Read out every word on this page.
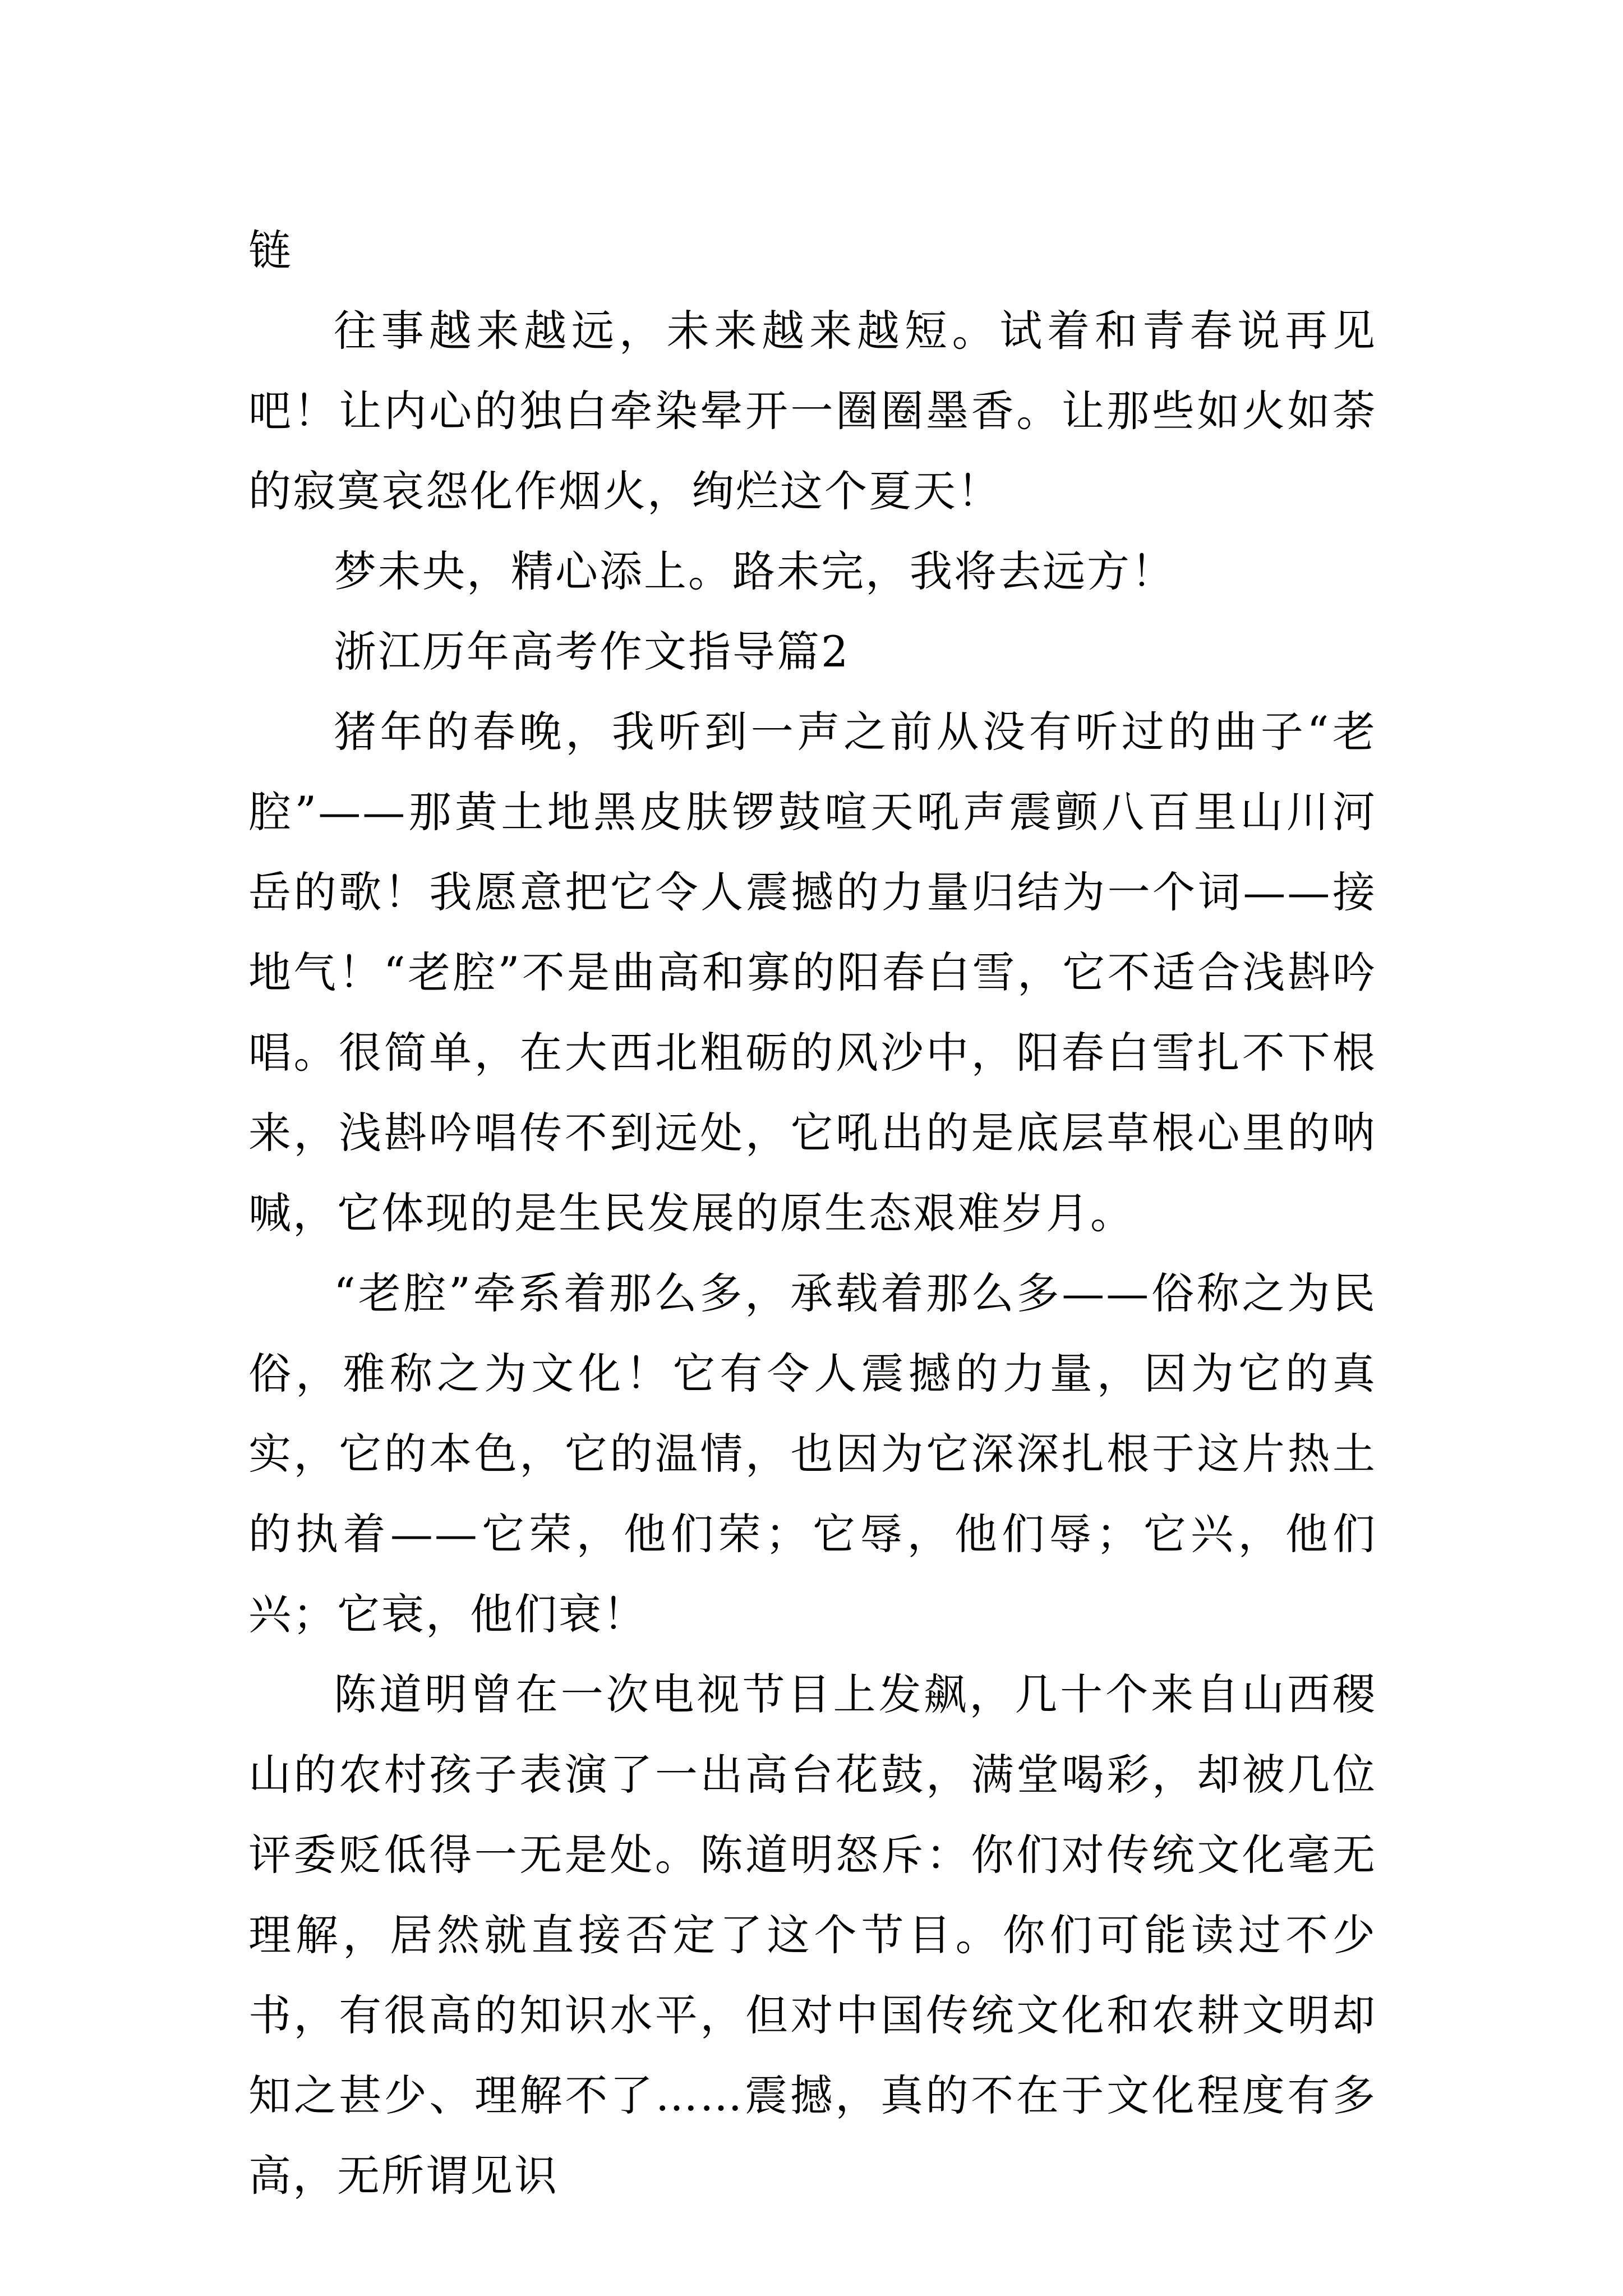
链

往事越来越远，未来越来越短。试着和青春说再见吧！让内心的独白牵染晕开一圈圈墨香。让那些如火如荼的寂寞哀怨化作烟火，绚烂这个夏天！

梦未央，精心添上。路未完，我将去远方！

浙江历年高考作文指导篇2

猪年的春晚，我听到一声之前从没有听过的曲子“老腔”——那黄土地黑皮肤锣鼓喧天吼声震颤八百里山川河岳的歌！我愿意把它令人震撼的力量归结为一个词——接地气！“老腔”不是曲高和寡的阳春白雪，它不适合浅斟吟唱。很简单，在大西北粗砺的风沙中，阳春白雪扎不下根来，浅斟吟唱传不到远处，它吼出的是底层草根心里的呐喊，它体现的是生民发展的原生态艰难岁月。

“老腔”牵系着那么多，承载着那么多——俗称之为民俗，雅称之为文化！它有令人震撼的力量，因为它的真实，它的本色，它的温情，也因为它深深扎根于这片热土的执着——它荣，他们荣；它辱，他们辱；它兴，他们兴；它衰，他们衰！

陈道明曾在一次电视节目上发飙，几十个来自山西稷山的农村孩子表演了一出高台花鼓，满堂喝彩，却被几位评委贬低得一无是处。陈道明怒斥：你们对传统文化毫无理解，居然就直接否定了这个节目。你们可能读过不少书，有很高的知识水平，但对中国传统文化和农耕文明却知之甚少、理解不了……震撼，真的不在于文化程度有多高，无所谓见识
